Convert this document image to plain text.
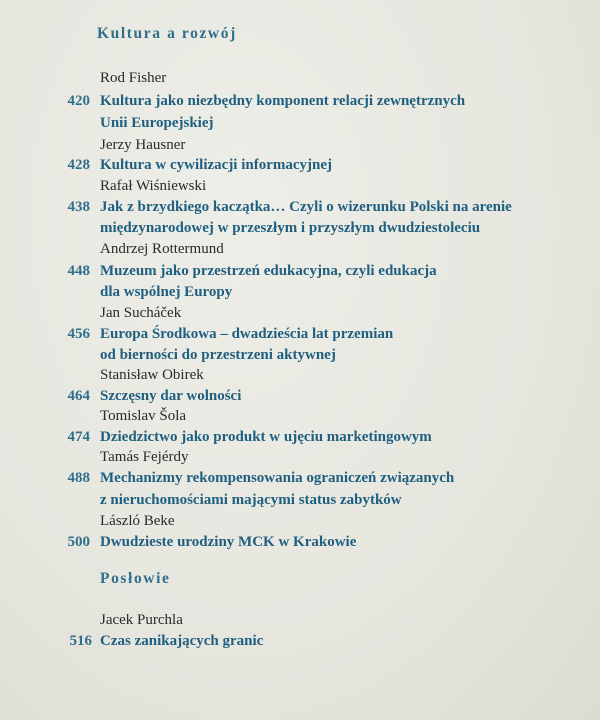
Kultura a rozwój
Rod Fisher
420 Kultura jako niezbędny komponent relacji zewnętrznych
Unii Europejskiej
Jerzy Hausner
428 Kultura w cywilizacji informacyjnej
Rafał Wiśniewski
438 Jak z brzydkiego kaczątka… Czyli o wizerunku Polski na arenie
międzynarodowej w przeszłym i przyszłym dwudziestoleciu
Andrzej Rottermund
448 Muzeum jako przestrzeń edukacyjna, czyli edukacja
dla wspólnej Europy
Jan Sucháček
456 Europa Środkowa – dwadzieścia lat przemian
od bierności do przestrzeni aktywnej
Stanisław Obirek
464 Szczęsny dar wolności
Tomislav Šola
474 Dziedzictwo jako produkt w ujęciu marketingowym
Tamás Fejérdy
488 Mechanizmy rekompensowania ograniczeń związanych
z nieruchomościami mającymi status zabytków
László Beke
500 Dwudzieste urodziny MCK w Krakowie
Posłowie
Jacek Purchla
516 Czas zanikających granic
